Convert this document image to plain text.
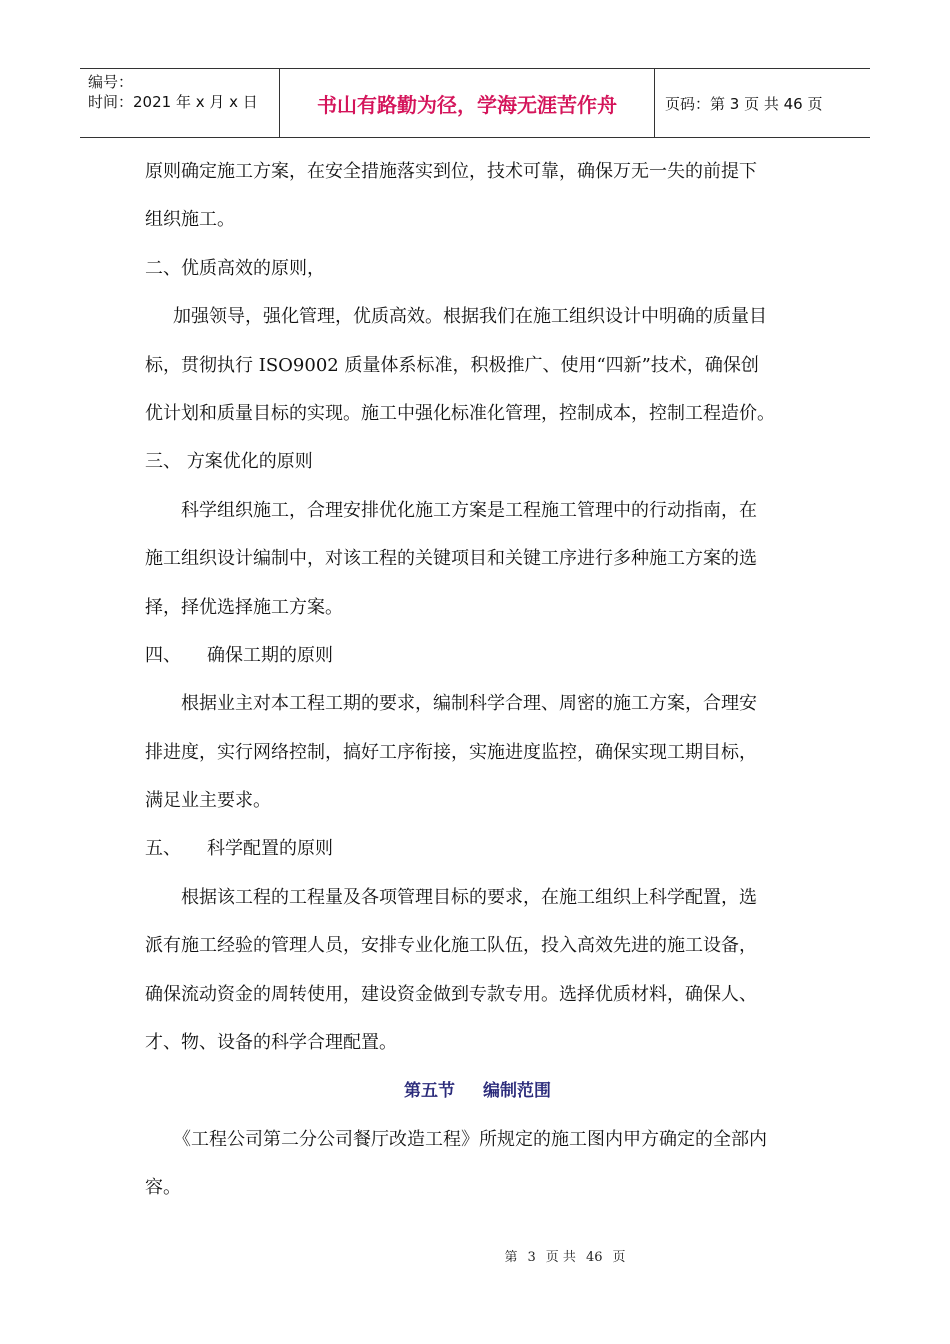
编号：
时间：2021 年 x 月 x 日	书山有路勤为径，学海无涯苦作舟	页码：第 3 页 共 46 页
原则确定施工方案，在安全措施落实到位，技术可靠，确保万无一失的前提下
组织施工。
二、优质高效的原则，
加强领导，强化管理，优质高效。根据我们在施工组织设计中明确的质量目
标，贯彻执行 ISO9002 质量体系标准，积极推广、使用“四新”技术，确保创
优计划和质量目标的实现。施工中强化标准化管理，控制成本，控制工程造价。
三、 方案优化的原则
科学组织施工，合理安排优化施工方案是工程施工管理中的行动指南，在
施工组织设计编制中，对该工程的关键项目和关键工序进行多种施工方案的选
择，择优选择施工方案。
四、	确保工期的原则
根据业主对本工程工期的要求，编制科学合理、周密的施工方案，合理安
排进度，实行网络控制，搞好工序衔接，实施进度监控，确保实现工期目标，
满足业主要求。
五、	科学配置的原则
根据该工程的工程量及各项管理目标的要求，在施工组织上科学配置，选
派有施工经验的管理人员，安排专业化施工队伍，投入高效先进的施工设备，
确保流动资金的周转使用，建设资金做到专款专用。选择优质材料，确保人、
才、物、设备的科学合理配置。
第五节 编制范围
《工程公司第二分公司餐厅改造工程》所规定的施工图内甲方确定的全部内
容。
第 3 页 共 46 页
